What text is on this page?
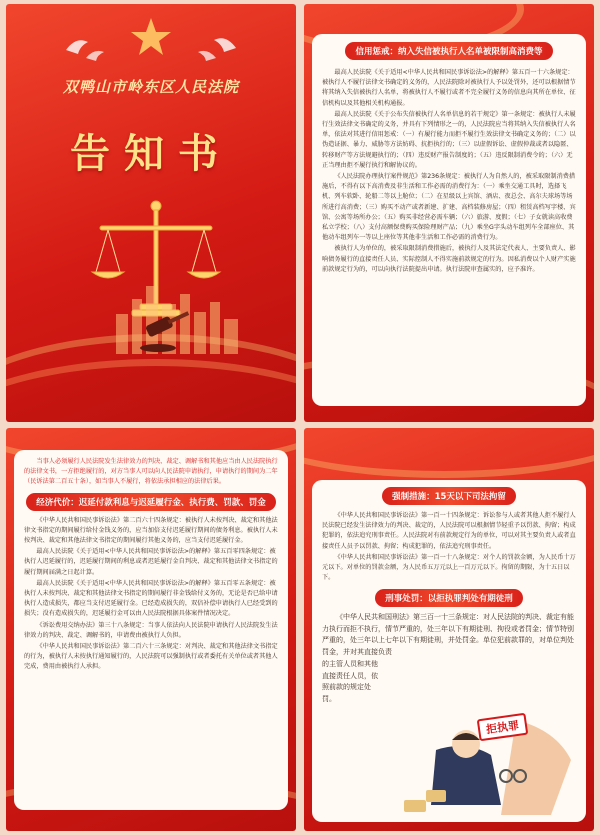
双鸭山市岭东区人民法院
告知书
信用惩戒：纳入失信被执行人名单被限制高消费等

最高人民法院《关于适用<中华人民共和国民事诉讼法>的解释》第五百一十六条规定：被执行人不履行法律文书确定的义务的，人民法院除对被执行人予以处罚外，还可以根据情节将其纳入失信被执行人名单，将被执行人不履行或者不完全履行义务的信息向其所在单位、征信机构以及其他相关机构通报。

最高人民法院《关于公布失信被执行人名单信息的若干规定》第一条规定：被执行人未履行生效法律文书确定的义务，并具有下列情形之一的，人民法院应当将其纳入失信被执行人名单，依法对其进行信用惩戒：（一）有履行能力而拒不履行生效法律文书确定义务的；（二）以伪造证据、暴力、威胁等方法妨碍、抗拒执行的；（三）以虚假诉讼、虚假仲裁或者以隐匿、转移财产等方法规避执行的；（四）违反财产报告制度的；（五）违反限制消费令的；（六）无正当理由拒不履行执行和解协议的。

《人民法院办理执行案件规范》第236条规定：被执行人为自然人的，被采取限制消费措施后，不得有以下高消费及非生活和工作必需的消费行为：（一）乘坐交通工具时，选择飞机、列车软卧、轮船二等以上舱位；（二）在星级以上宾馆、酒店、夜总会、高尔夫球场等场所进行高消费；（三）购买不动产或者新建、扩建、高档装修房屋；（四）租赁高档写字楼、宾馆、公寓等场所办公；（五）购买非经营必需车辆；（六）旅游、度假；（七）子女就读高收费私立学校；（八）支付高额保费购买保险理财产品；（九）乘坐G字头动车组列车全部座位、其他动车组列车一等以上座位等其他非生活和工作必需的消费行为。

被执行人为单位的，被采取限制消费措施后，被执行人及其法定代表人、主要负责人、影响债务履行的直接责任人员、实际控制人不得实施前款规定的行为。因私消费以个人财产实施前款规定行为的，可以向执行法院提出申请。执行法院审查属实的，应予准许。

当事人必须履行人民法院发生法律效力的判决、裁定、调解书和其他应当由人民法院执行的法律文书，一方拒绝履行的，对方当事人可以向人民法院申请执行，申请执行的期间为二年（民诉法第二百五十条），如当事人不履行，将依法承担相应的法律后果。

经济代价：迟延付款利息与迟延履行金、执行费、罚款、罚金

《中华人民共和国民事诉讼法》第二百六十四条规定：被执行人未按判决、裁定和其他法律文书指定的期间履行给付金钱义务的，应当加倍支付迟延履行期间的债务利息。被执行人未按判决、裁定和其他法律文书指定的期间履行其他义务的，应当支付迟延履行金。

最高人民法院《关于适用<中华人民共和国民事诉讼法>的解释》第五百零四条规定：被执行人迟延履行的，迟延履行期间的利息或者迟延履行金自判决、裁定和其他法律文书指定的履行期间届满之日起计算。

最高人民法院《关于适用<中华人民共和国民事诉讼法>的解释》第五百零五条规定：被执行人未按判决、裁定和其他法律文书指定的期间履行非金钱给付义务的，无论是否已给申请执行人造成损失，都应当支付迟延履行金。已经造成损失的，双倍补偿申请执行人已经受到的损失；没有造成损失的，迟延履行金可以由人民法院根据具体案件情况决定。

《诉讼费用交纳办法》第三十八条规定：当事人依法向人民法院申请执行人民法院发生法律效力的判决、裁定、调解书的，申请费由被执行人负担。

《中华人民共和国民事诉讼法》第二百六十三条规定：对判决、裁定和其他法律文书指定的行为，被执行人未按执行通知履行的，人民法院可以强制执行或者委托有关单位或者其他人完成，费用由被执行人承担。

强制措施：15天以下司法拘留

《中华人民共和国民事诉讼法》第一百一十四条规定：诉讼参与人或者其他人拒不履行人民法院已经发生法律效力的判决、裁定的，人民法院可以根据情节轻重予以罚款、拘留；构成犯罪的，依法追究刑事责任。人民法院对有前款规定行为的单位，可以对其主要负责人或者直接责任人员予以罚款、拘留；构成犯罪的，依法追究刑事责任。

《中华人民共和国民事诉讼法》第一百一十八条规定：对个人的罚款金额，为人民币十万元以下。对单位的罚款金额，为人民币五万元以上一百万元以下。拘留的期限，为十五日以下。

刑事处罚：以拒执罪判处有期徒刑

《中华人民共和国刑法》第三百一十三条规定：对人民法院的判决、裁定有能力执行而拒不执行，情节严重的，处三年以下有期徒刑、拘役或者罚金；情节特别严重的，处三年以上七年以下有期徒刑，并处罚金。单位犯前款罪的，对单位判处罚金，并对其直接负责

的主管人员和其他直接责任人员，依照前款的规定处罚。

拒执罪
